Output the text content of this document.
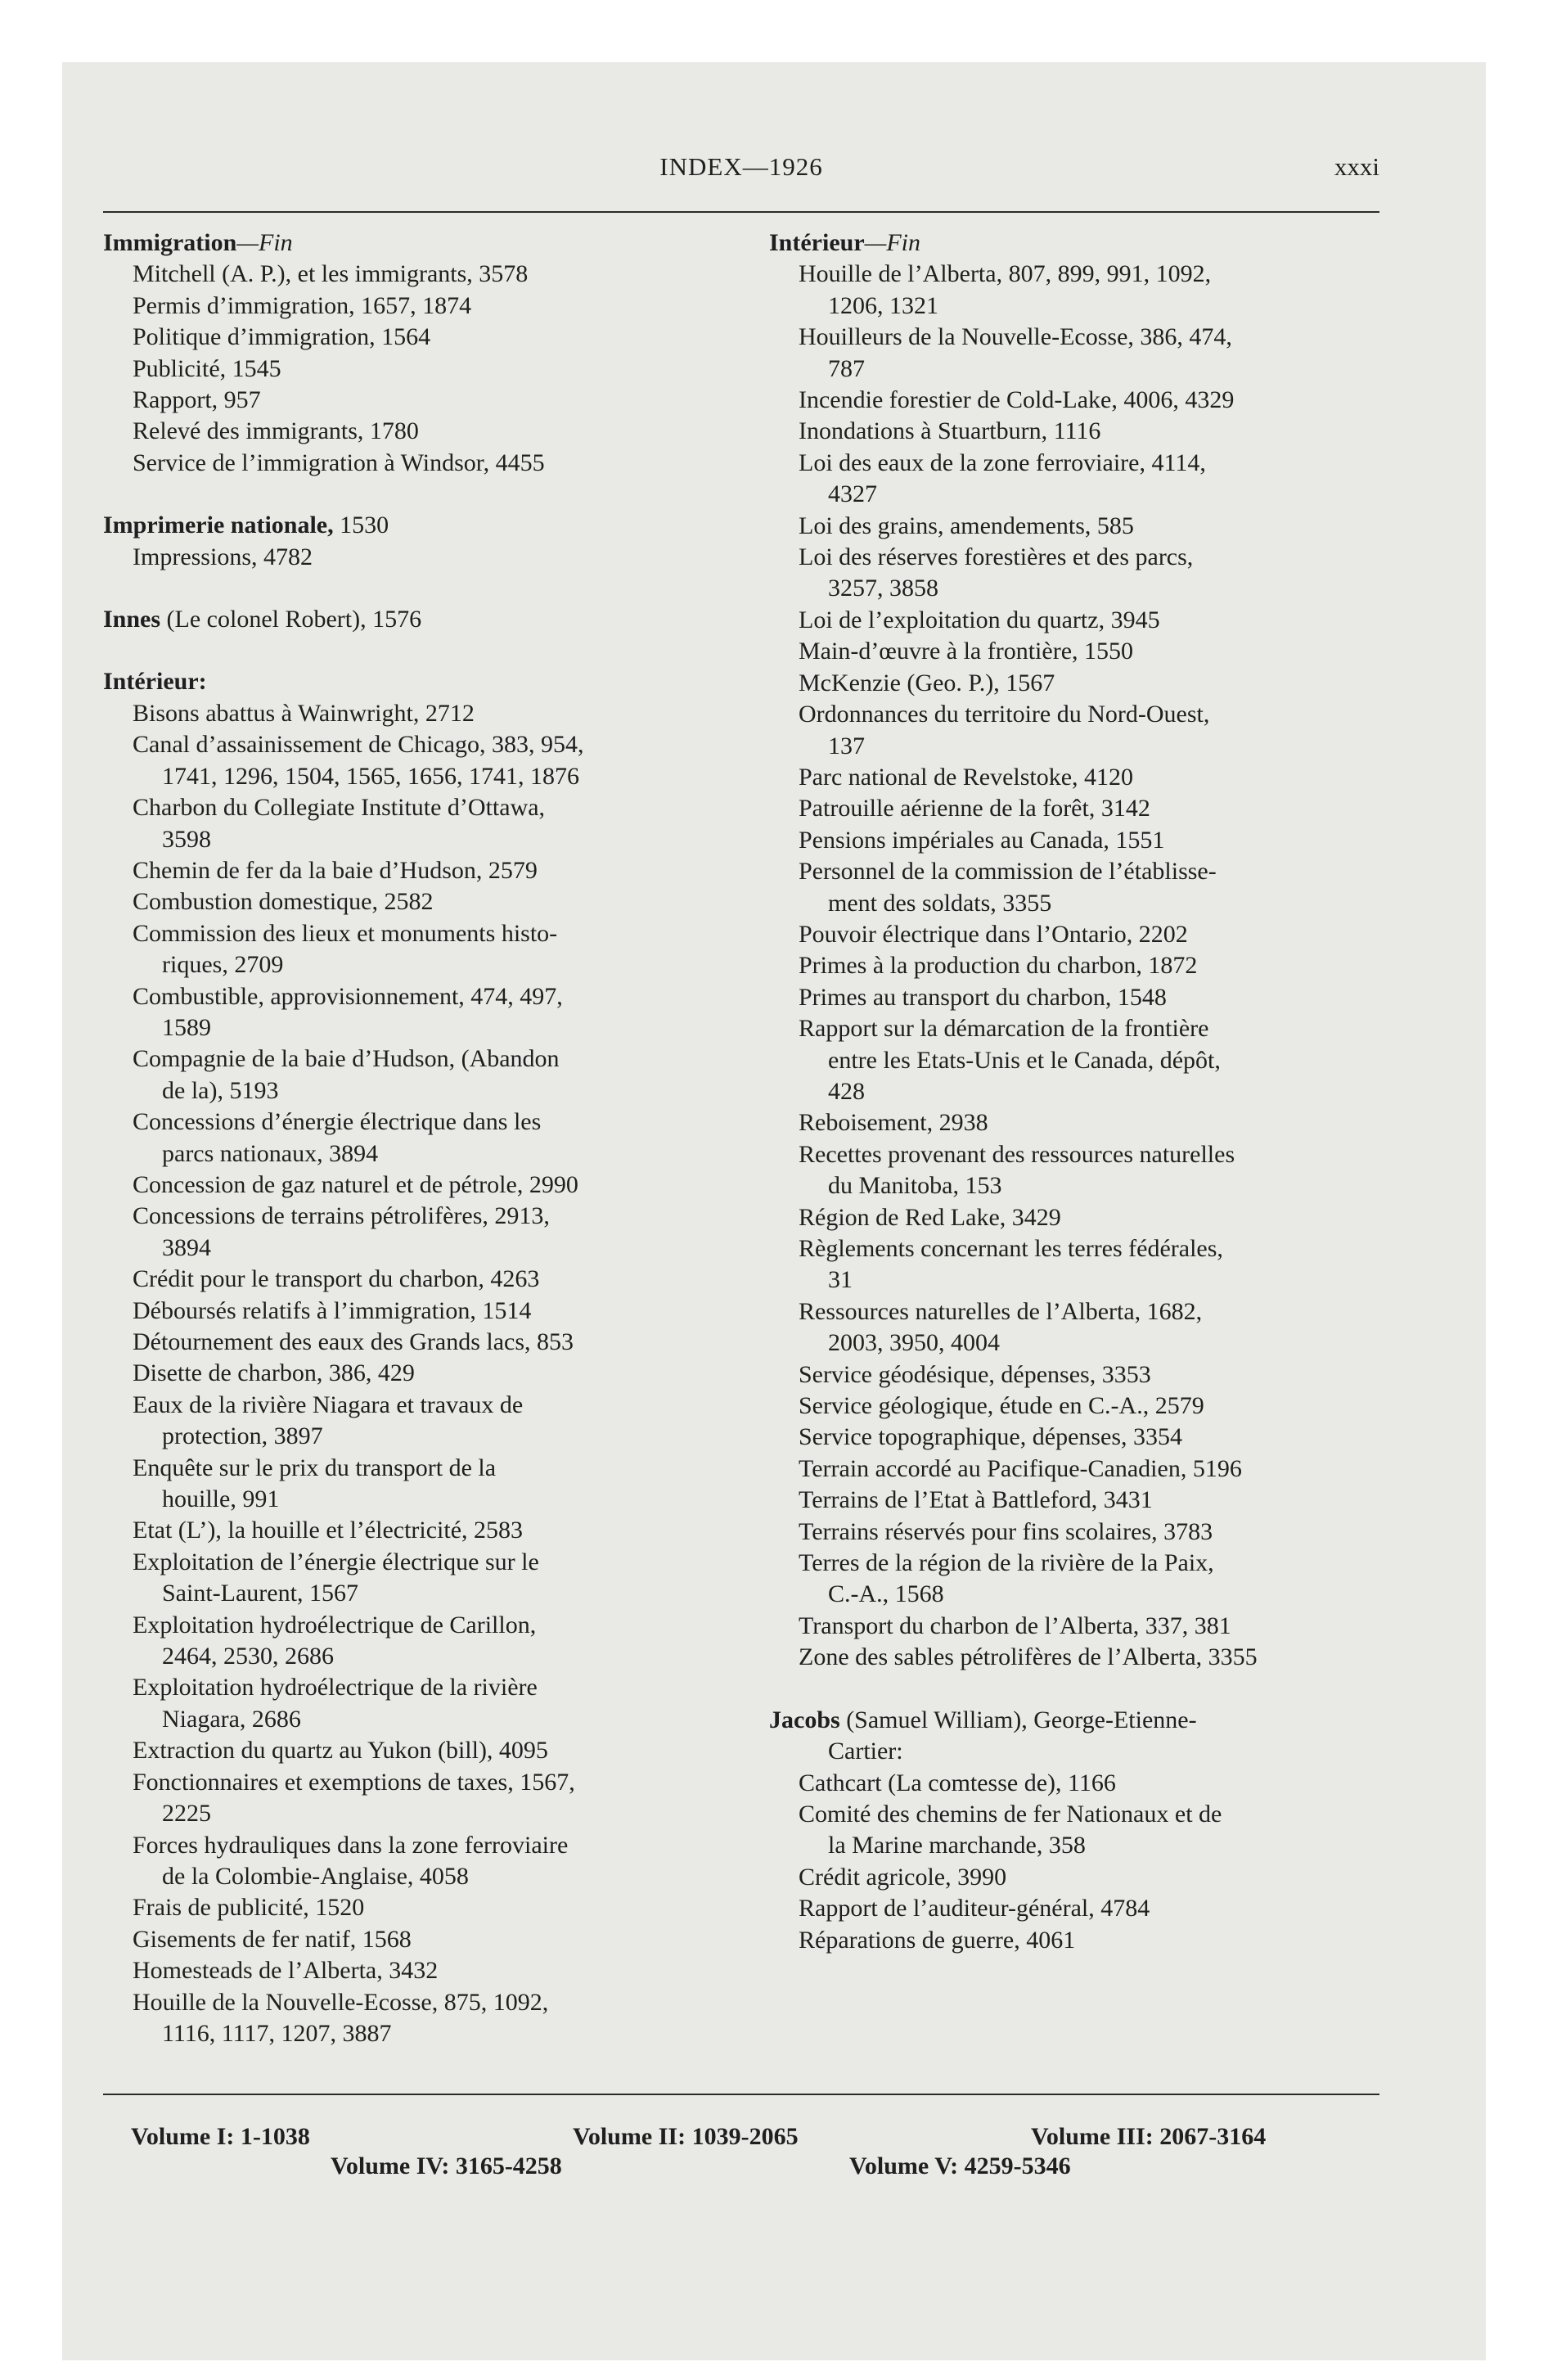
INDEX—1926	xxxi
Immigration—Fin
Mitchell (A. P.), et les immigrants, 3578
Permis d’immigration, 1657, 1874
Politique d’immigration, 1564
Publicité, 1545
Rapport, 957
Relevé des immigrants, 1780
Service de l’immigration à Windsor, 4455
Imprimerie nationale, 1530
Impressions, 4782
Innes (Le colonel Robert), 1576
Intérieur:
Bisons abattus à Wainwright, 2712
Canal d’assainissement de Chicago, 383, 954,
1741, 1296, 1504, 1565, 1656, 1741, 1876
Charbon du Collegiate Institute d’Ottawa,
3598
Chemin de fer da la baie d’Hudson, 2579
Combustion domestique, 2582
Commission des lieux et monuments histo-
riques, 2709
Combustible, approvisionnement, 474, 497,
1589
Compagnie de la baie d’Hudson, (Abandon
de la), 5193
Concessions d’énergie électrique dans les
parcs nationaux, 3894
Concession de gaz naturel et de pétrole, 2990
Concessions de terrains pétrolifères, 2913,
3894
Crédit pour le transport du charbon, 4263
Déboursés relatifs à l’immigration, 1514
Détournement des eaux des Grands lacs, 853
Disette de charbon, 386, 429
Eaux de la rivière Niagara et travaux de
protection, 3897
Enquête sur le prix du transport de la
houille, 991
Etat (L’), la houille et l’électricité, 2583
Exploitation de l’énergie électrique sur le
Saint-Laurent, 1567
Exploitation hydroélectrique de Carillon,
2464, 2530, 2686
Exploitation hydroélectrique de la rivière
Niagara, 2686
Extraction du quartz au Yukon (bill), 4095
Fonctionnaires et exemptions de taxes, 1567,
2225
Forces hydrauliques dans la zone ferroviaire
de la Colombie-Anglaise, 4058
Frais de publicité, 1520
Gisements de fer natif, 1568
Homesteads de l’Alberta, 3432
Houille de la Nouvelle-Ecosse, 875, 1092,
1116, 1117, 1207, 3887
Intérieur—Fin
Houille de l’Alberta, 807, 899, 991, 1092,
1206, 1321
Houilleurs de la Nouvelle-Ecosse, 386, 474,
787
Incendie forestier de Cold-Lake, 4006, 4329
Inondations à Stuartburn, 1116
Loi des eaux de la zone ferroviaire, 4114,
4327
Loi des grains, amendements, 585
Loi des réserves forestières et des parcs,
3257, 3858
Loi de l’exploitation du quartz, 3945
Main-d’œuvre à la frontière, 1550
McKenzie (Geo. P.), 1567
Ordonnances du territoire du Nord-Ouest,
137
Parc national de Revelstoke, 4120
Patrouille aérienne de la forêt, 3142
Pensions impériales au Canada, 1551
Personnel de la commission de l’établisse-
ment des soldats, 3355
Pouvoir électrique dans l’Ontario, 2202
Primes à la production du charbon, 1872
Primes au transport du charbon, 1548
Rapport sur la démarcation de la frontière
entre les Etats-Unis et le Canada, dépôt,
428
Reboisement, 2938
Recettes provenant des ressources naturelles
du Manitoba, 153
Région de Red Lake, 3429
Règlements concernant les terres fédérales,
31
Ressources naturelles de l’Alberta, 1682,
2003, 3950, 4004
Service géodésique, dépenses, 3353
Service géologique, étude en C.-A., 2579
Service topographique, dépenses, 3354
Terrain accordé au Pacifique-Canadien, 5196
Terrains de l’Etat à Battleford, 3431
Terrains réservés pour fins scolaires, 3783
Terres de la région de la rivière de la Paix,
C.-A., 1568
Transport du charbon de l’Alberta, 337, 381
Zone des sables pétrolifères de l’Alberta, 3355
Jacobs (Samuel William), George-Etienne-
Cartier:
Cathcart (La comtesse de), 1166
Comité des chemins de fer Nationaux et de
la Marine marchande, 358
Crédit agricole, 3990
Rapport de l’auditeur-général, 4784
Réparations de guerre, 4061
Volume I: 1-1038	Volume II: 1039-2065	Volume III: 2067-3164
Volume IV: 3165-4258	Volume V: 4259-5346
